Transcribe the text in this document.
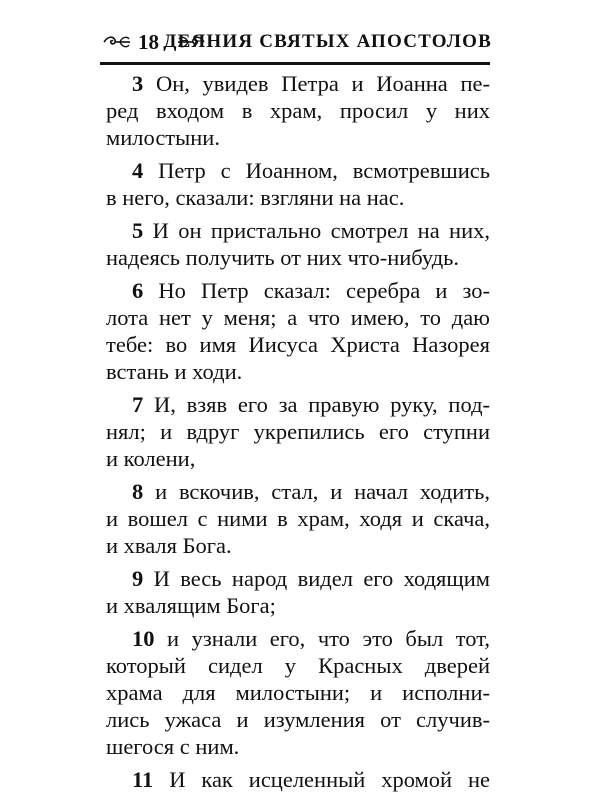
18 ДЕЯНИЯ СВЯТЫХ АПОСТОЛОВ
3 Он, увидев Петра и Иоанна пе-
ред входом в храм, просил у них
милостыни.
4 Петр с Иоанном, всмотревшись
в него, сказали: взгляни на нас.
5 И он пристально смотрел на них,
надеясь получить от них что-нибудь.
6 Но Петр сказал: серебра и зо-
лота нет у меня; а что имею, то даю
тебе: во имя Иисуса Христа Назорея
встань и ходи.
7 И, взяв его за правую руку, под-
нял; и вдруг укрепились его ступни
и колени,
8 и вскочив, стал, и начал ходить,
и вошел с ними в храм, ходя и скача,
и хваля Бога.
9 И весь народ видел его ходящим
и хвалящим Бога;
10 и узнали его, что это был тот,
который сидел у Красных дверей
храма для милостыни; и исполни-
лись ужаса и изумления от случив-
шегося с ним.
11 И как исцеленный хромой не
